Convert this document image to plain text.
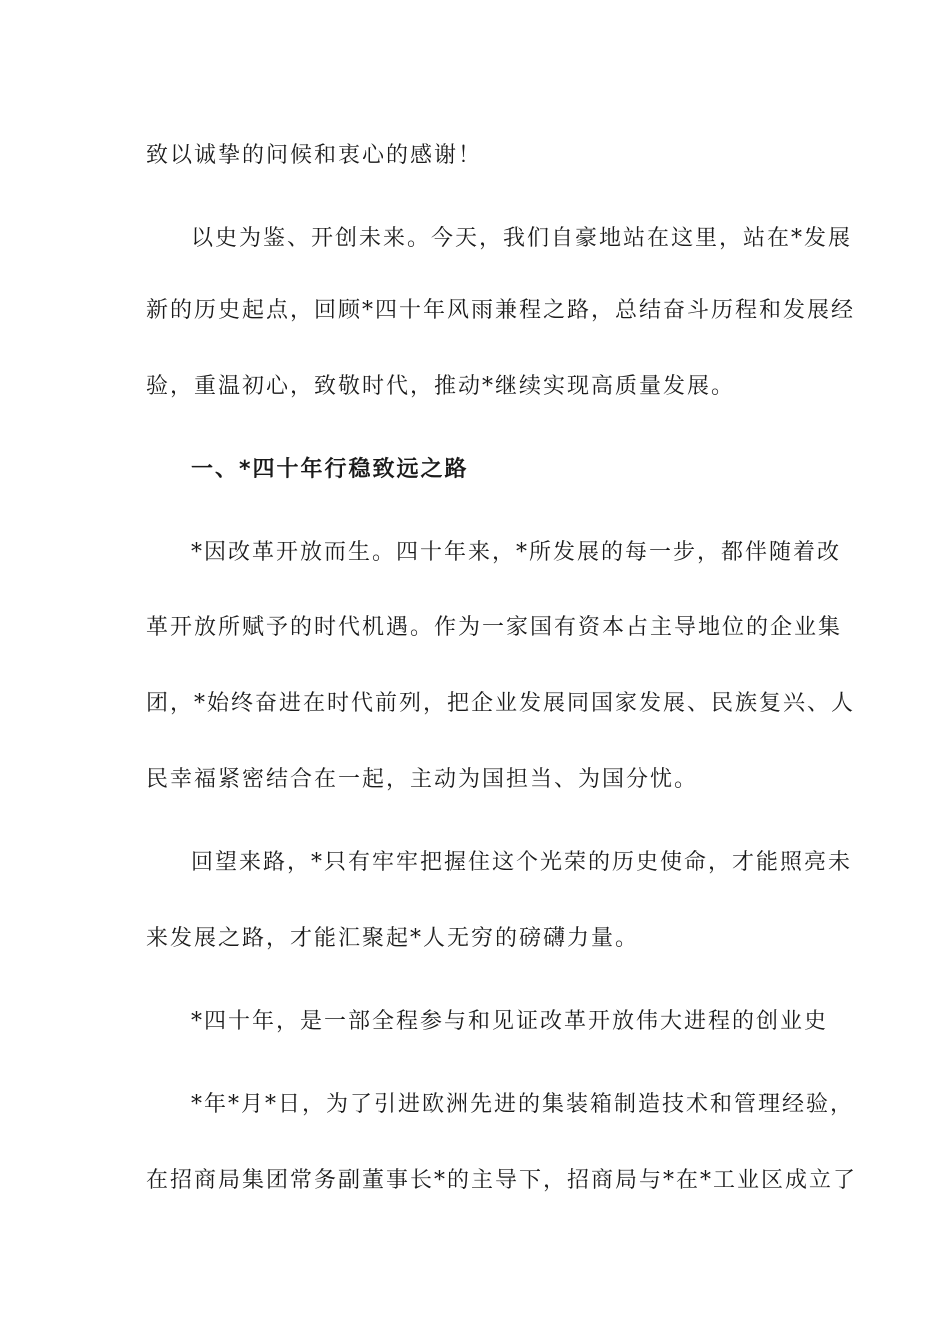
致以诚挚的问候和衷心的感谢！
以史为鉴、开创未来。今天，我们自豪地站在这里，站在*发展
新的历史起点，回顾*四十年风雨兼程之路，总结奋斗历程和发展经
验，重温初心，致敬时代，推动*继续实现高质量发展。
一、*四十年行稳致远之路
*因改革开放而生。四十年来，*所发展的每一步，都伴随着改
革开放所赋予的时代机遇。作为一家国有资本占主导地位的企业集
团，*始终奋进在时代前列，把企业发展同国家发展、民族复兴、人
民幸福紧密结合在一起，主动为国担当、为国分忧。
回望来路，*只有牢牢把握住这个光荣的历史使命，才能照亮未
来发展之路，才能汇聚起*人无穷的磅礴力量。
*四十年，是一部全程参与和见证改革开放伟大进程的创业史
*年*月*日，为了引进欧洲先进的集装箱制造技术和管理经验，
在招商局集团常务副董事长*的主导下，招商局与*在*工业区成立了
